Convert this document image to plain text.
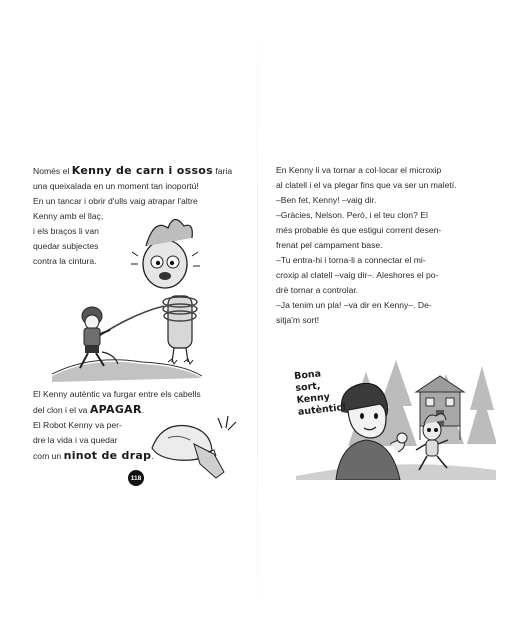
Només el Kenny de carn i ossos faria

una queixalada en un moment tan inoportú!

En un tancar i obrir d'ulls vaig atrapar l'altre

Kenny amb el llaç,

i els braços li van

quedar subjectes

contra la cintura.

El Kenny autèntic va furgar entre els cabells

del clon i el va APAGAR.

El Robot Kenny va per-

dre la vida i va quedar

com un ninot de drap.

118

En Kenny li va tornar a col·locar el microxip

al clatell i el va plegar fins que va ser un maletí.

–Ben fet, Kenny! –vaig dir.

–Gràcies, Nelson. Però, i el teu clon? El

més probable és que estigui corrent desen-

frenat pel campament base.

–Tu entra-hi i torna-li a connectar el mi-

croxip al clatell –vaig dir–. Aleshores el po-

drè tornar a controlar.

–Ja tenim un pla! –va dir en Kenny–. De-

sitja'm sort!

Bona
sort,
Kenny
autèntic!
